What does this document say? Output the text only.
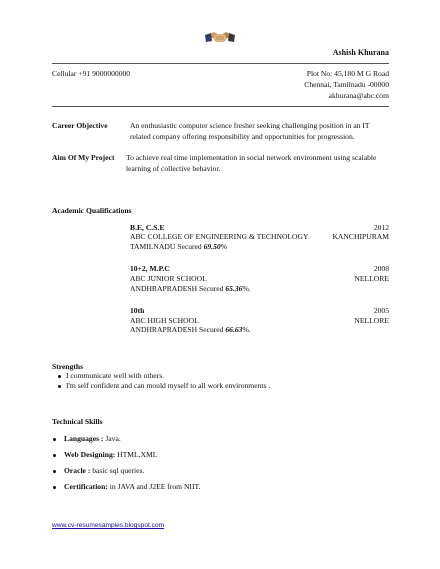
Ashish Khurana
Cellular +91 9000000000	Plot No: 45,180 M G Road
Chennai, Tamilnadu -00000
akhurana@abc.com
Career Objective	An enthusiastic computer science fresher seeking challenging position in an IT
related company offering responsibility and opportunities for progression.
Aim Of My Project To achieve real time implementation in social network environment using scalable
learning of collective behavior.
Academic Qualifications
B.E, C.S.E	2012
ABC COLLEGE OF ENGINEERING & TECHNOLOGY	KANCHIPURAM
TAMILNADU Secured 69.50%
10+2, M.P.C	2008
ABC JUNIOR SCHOOL	NELLORE
ANDHRAPRADESH Secured 65.36%.
10th	2005
ABC HIGH SCHOOL	NELLORE
ANDHRAPRADESH Secured 66.63%.
Strengths
I communicate well with others.
I'm self confident and can mould myself to all work environments .
Technical Skills
Languages : Java.
Web Designing: HTML,XML
Oracle : basic sql queries.
Certification: in JAVA and J2EE from NIIT.
www.cv-resumesamples.blogspot.com
